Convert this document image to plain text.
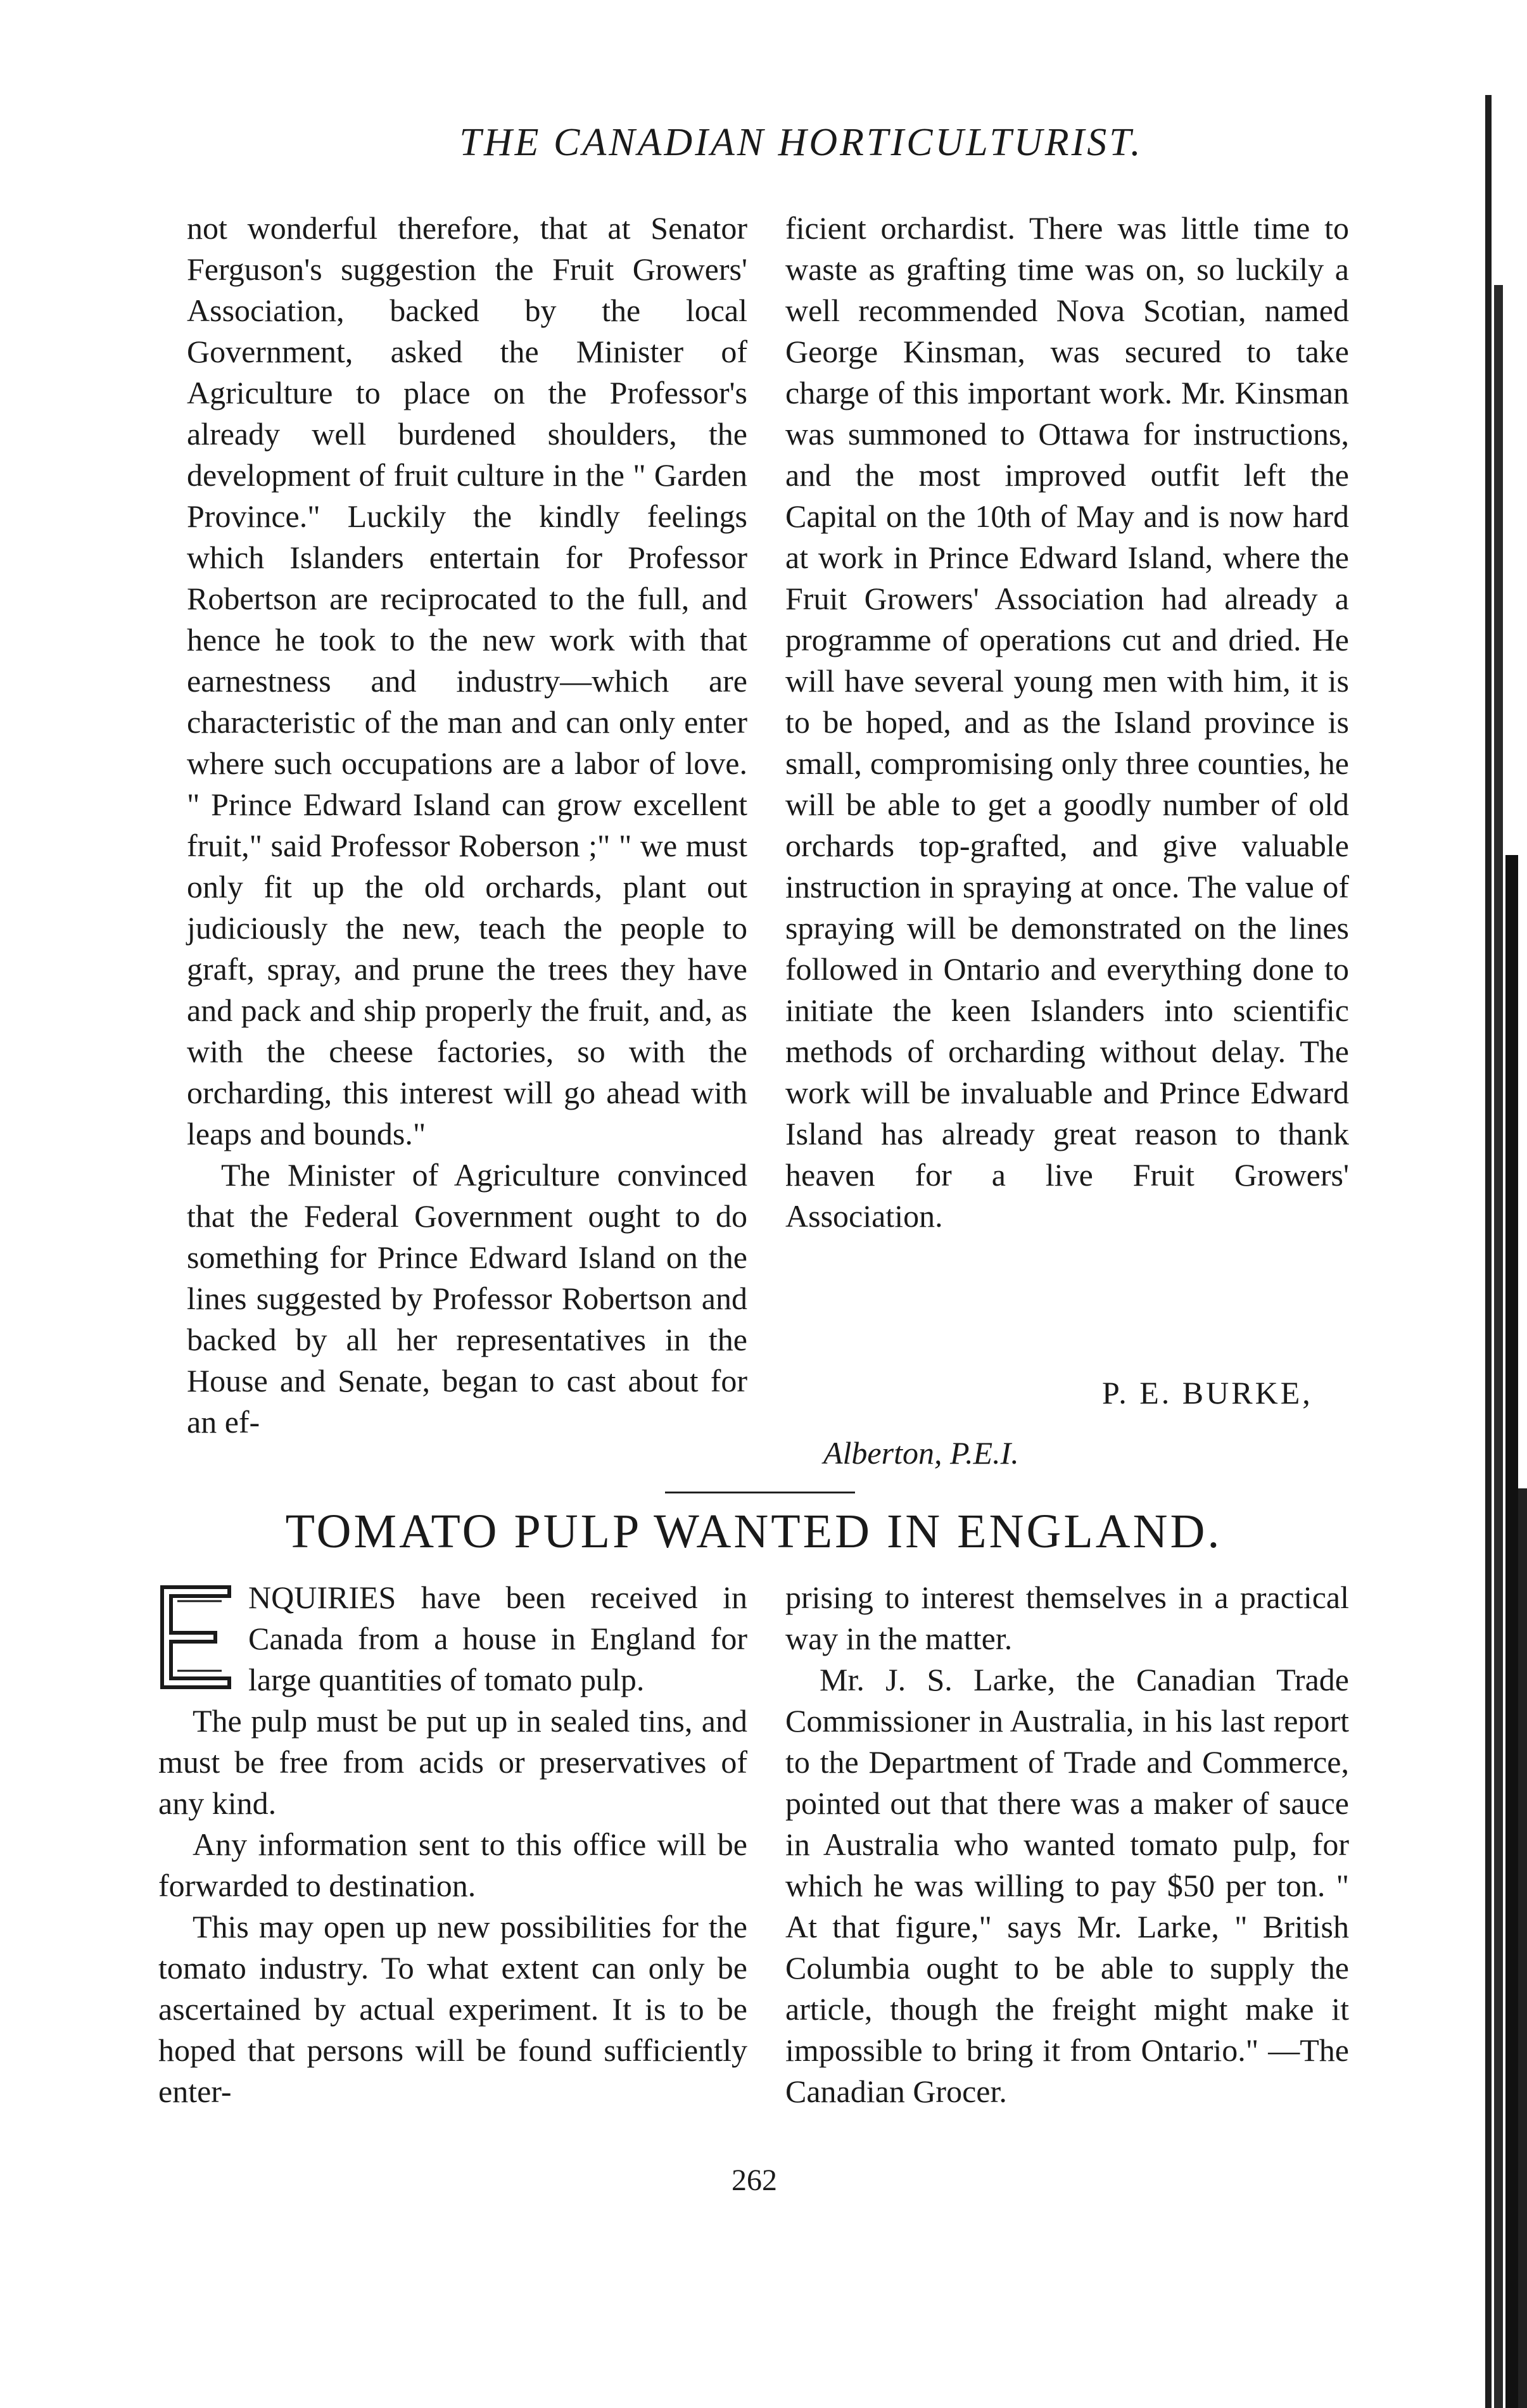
THE CANADIAN HORTICULTURIST.

not wonderful therefore, that at Senator Ferguson's suggestion the Fruit Growers' Association, backed by the local Government, asked the Minister of Agriculture to place on the Professor's already well burdened shoulders, the development of fruit culture in the " Garden Province." Luckily the kindly feelings which Islanders entertain for Professor Robertson are reciprocated to the full, and hence he took to the new work with that earnestness and industry—which are characteristic of the man and can only enter where such occupations are a labor of love. " Prince Edward Island can grow excellent fruit," said Professor Roberson ;" " we must only fit up the old orchards, plant out judiciously the new, teach the people to graft, spray, and prune the trees they have and pack and ship properly the fruit, and, as with the cheese factories, so with the orcharding, this interest will go ahead with leaps and bounds."

The Minister of Agriculture convinced that the Federal Government ought to do something for Prince Edward Island on the lines suggested by Professor Robertson and backed by all her representatives in the House and Senate, began to cast about for an ef-

ficient orchardist. There was little time to waste as grafting time was on, so luckily a well recommended Nova Scotian, named George Kinsman, was secured to take charge of this important work. Mr. Kinsman was summoned to Ottawa for instructions, and the most improved outfit left the Capital on the 10th of May and is now hard at work in Prince Edward Island, where the Fruit Growers' Association had already a programme of operations cut and dried. He will have several young men with him, it is to be hoped, and as the Island province is small, compromising only three counties, he will be able to get a goodly number of old orchards top-grafted, and give valuable instruction in spraying at once. The value of spraying will be demonstrated on the lines followed in Ontario and everything done to initiate the keen Islanders into scientific methods of orcharding without delay. The work will be invaluable and Prince Edward Island has already great reason to thank heaven for a live Fruit Growers' Association.

P. E. BURKE,
Alberton, P.E.I.
TOMATO PULP WANTED IN ENGLAND.

NQUIRIES have been received in Canada from a house in England for large quantities of tomato pulp.

The pulp must be put up in sealed tins, and must be free from acids or preservatives of any kind.

Any information sent to this office will be forwarded to destination.

This may open up new possibilities for the tomato industry. To what extent can only be ascertained by actual experiment. It is to be hoped that persons will be found sufficiently enter-

prising to interest themselves in a practical way in the matter.

Mr. J. S. Larke, the Canadian Trade Commissioner in Australia, in his last report to the Department of Trade and Commerce, pointed out that there was a maker of sauce in Australia who wanted tomato pulp, for which he was willing to pay $50 per ton. " At that figure," says Mr. Larke, " British Columbia ought to be able to supply the article, though the freight might make it impossible to bring it from Ontario." —The Canadian Grocer.

262
